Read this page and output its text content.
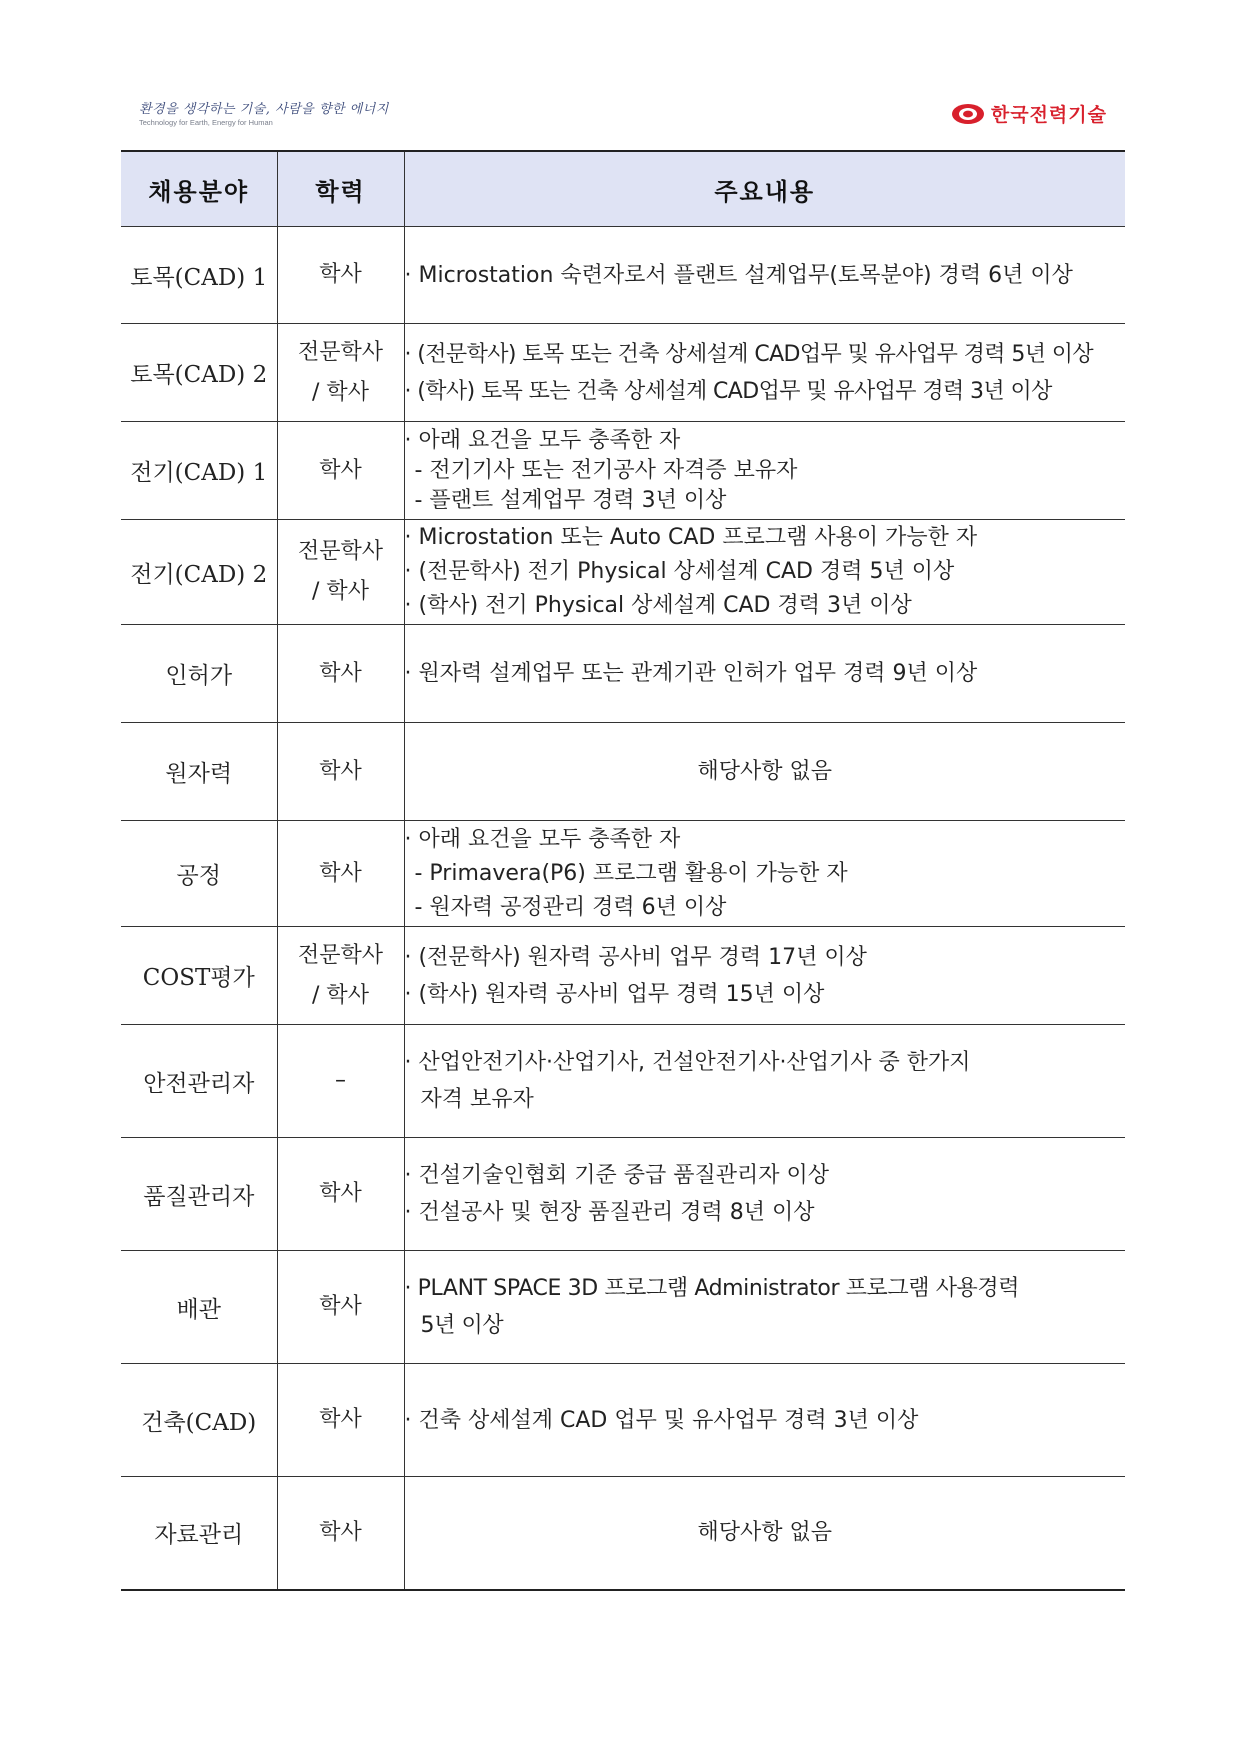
환경을 생각하는 기술, 사람을 향한 에너지
Technology for Earth, Energy for Human	한국전력기술
채용분야	학력	주요내용
토목(CAD) 1	학사	· Microstation 숙련자로서 플랜트 설계업무(토목분야) 경력 6년 이상

토목(CAD) 2	전문학사
/ 학사	· (전문학사) 토목 또는 건축 상세설계 CAD업무 및 유사업무 경력 5년 이상
· (학사) 토목 또는 건축 상세설계 CAD업무 및 유사업무 경력 3년 이상

전기(CAD) 1	학사	· 아래 요건을 모두 충족한 자
- 전기기사 또는 전기공사 자격증 보유자
- 플랜트 설계업무 경력 3년 이상

전기(CAD) 2	전문학사
/ 학사	· Microstation 또는 Auto CAD 프로그램 사용이 가능한 자
· (전문학사) 전기 Physical 상세설계 CAD 경력 5년 이상
· (학사) 전기 Physical 상세설계 CAD 경력 3년 이상

인허가	학사	· 원자력 설계업무 또는 관계기관 인허가 업무 경력 9년 이상

원자력	학사	해당사항 없음

공정	학사	· 아래 요건을 모두 충족한 자
- Primavera(P6) 프로그램 활용이 가능한 자
- 원자력 공정관리 경력 6년 이상

COST평가	전문학사
/ 학사	· (전문학사) 원자력 공사비 업무 경력 17년 이상
· (학사) 원자력 공사비 업무 경력 15년 이상

안전관리자	–	· 산업안전기사·산업기사, 건설안전기사·산업기사 중 한가지
자격 보유자

품질관리자	학사	· 건설기술인협회 기준 중급 품질관리자 이상
· 건설공사 및 현장 품질관리 경력 8년 이상

배관	학사	· PLANT SPACE 3D 프로그램 Administrator 프로그램 사용경력
5년 이상

건축(CAD)	학사	· 건축 상세설계 CAD 업무 및 유사업무 경력 3년 이상

자료관리	학사	해당사항 없음
